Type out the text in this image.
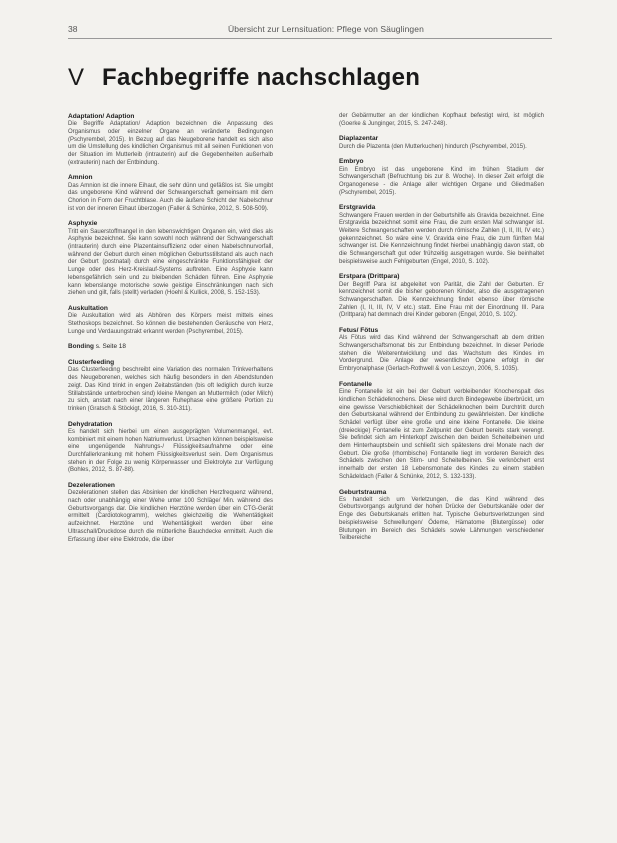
38	Übersicht zur Lernsituation: Pflege von Säuglingen
V Fachbegriffe nachschlagen
Adaptation/ Adaption

Die Begriffe Adaptation/ Adaption bezeichnen die Anpassung des Organismus oder einzelner Organe an veränderte Bedingungen (Pschyrembel, 2015). In Bezug auf das Neugeborene handelt es sich also um die Umstellung des kindlichen Organismus mit all seinen Funktionen von der Situation im Mutterleib (intrauterin) auf die Gegebenheiten außerhalb (extrauterin) nach der Entbindung.

Amnion

Das Amnion ist die innere Eihaut, die sehr dünn und gefäßlos ist. Sie umgibt das ungeborene Kind während der Schwangerschaft gemeinsam mit dem Chorion in Form der Fruchtblase. Auch die äußere Schicht der Nabelschnur ist von der inneren Eihaut überzogen (Faller & Schünke, 2012, S. 508-509).

Asphyxie

Tritt ein Sauerstoffmangel in den lebenswichtigen Organen ein, wird dies als Asphyxie bezeichnet. Sie kann sowohl noch während der Schwangerschaft (intrauterin) durch eine Plazentainsuffizienz oder einen Nabelschnurvorfall, während der Geburt durch einen möglichen Geburtsstillstand als auch nach der Geburt (postnatal) durch eine eingeschränkte Funktionsfähigkeit der Lunge oder des Herz-Kreislauf-Systems auftreten. Eine Asphyxie kann lebensgefährlich sein und zu bleibenden Schäden führen. Eine Asphyxie kann lebenslange motorische sowie geistige Einschränkungen nach sich ziehen und gilt, falls (stellt) verladen (Hoehl & Kullick, 2008, S. 152-153).

Auskultation

Die Auskultation wird als Abhören des Körpers meist mittels eines Stethoskops bezeichnet. So können die bestehenden Geräusche von Herz, Lunge und Verdauungstrakt erkannt werden (Pschyrembel, 2015).

Bonding s. Seite 18
Clusterfeeding

Das Clusterfeeding beschreibt eine Variation des normalen Trinkverhaltens des Neugeborenen, welches sich häufig besonders in den Abendstunden zeigt. Das Kind trinkt in engen Zeitabständen (bis oft lediglich durch kurze Stillabstände unterbrochen sind) kleine Mengen an Muttermilch (oder Milch) zu sich, anstatt nach einer längeren Ruhephase eine größere Portion zu trinken (Gratsch & Stöckigt, 2016, S. 310-311).

Dehydratation

Es handelt sich hierbei um einen ausgeprägten Volumenmangel, evt. kombiniert mit einem hohen Natriumverlust. Ursachen können beispielsweise eine ungenügende Nahrungs-/ Flüssigkeitsaufnahme oder eine Durchfallerkrankung mit hohem Flüssigkeitsverlust sein. Dem Organismus stehen in der Folge zu wenig Körperwasser und Elektrolyte zur Verfügung (Bohles, 2012, S. 87-88).

Dezelerationen

Dezelerationen stellen das Absinken der kindlichen Herzfrequenz während, nach oder unabhängig einer Wehe unter 100 Schläge/ Min. während des Geburtsvorgangs dar. Die kindlichen Herztöne werden über ein CTG-Gerät ermittelt (Cardiotokogramm), welches gleichzeitig die Wehentätigkeit aufzeichnet. Herztöne und Wehentätigkeit werden über eine Ultraschall/Druckdose durch die mütterliche Bauchdecke ermittelt. Auch die Erfassung über eine Elektrode, die über

der Gebärmutter an der kindlichen Kopfhaut befestigt wird, ist möglich (Goerke & Junginger, 2015, S. 247-248).

Diaplazentar

Durch die Plazenta (den Mutterkuchen) hindurch (Pschyrembel, 2015).

Embryo

Ein Embryo ist das ungeborene Kind im frühen Stadium der Schwangerschaft (Befruchtung bis zur 8. Woche). In dieser Zeit erfolgt die Organogenese - die Anlage aller wichtigen Organe und Gliedmaßen (Pschyrembel, 2015).

Erstgravida

Schwangere Frauen werden in der Geburtshilfe als Gravida bezeichnet. Eine Erstgravida bezeichnet somit eine Frau, die zum ersten Mal schwanger ist. Weitere Schwangerschaften werden durch römische Zahlen (I, II, III, IV etc.) gekennzeichnet. So wäre eine V. Gravida eine Frau, die zum fünften Mal schwanger ist. Die Kennzeichnung findet hierbei unabhängig davon statt, ob die Schwangerschaft gut oder frühzeitig ausgetragen wurde. Sie beinhaltet beispielsweise auch Fehlgeburten (Engel, 2010, S. 102).

Erstpara (Drittpara)

Der Begriff Para ist abgeleitet von Parität, die Zahl der Geburten. Er kennzeichnet somit die bisher geborenen Kinder, also die ausgetragenen Schwangerschaften. Die Kennzeichnung findet ebenso über römische Zahlen (I, II, III, IV, V etc.) statt. Eine Frau mit der Einordnung III. Para (Drittpara) hat demnach drei Kinder geboren (Engel, 2010, S. 102).

Fetus/ Fötus

Als Fötus wird das Kind während der Schwangerschaft ab dem dritten Schwangerschaftsmonat bis zur Entbindung bezeichnet. In dieser Periode stehen die Weiterentwicklung und das Wachstum des Kindes im Vordergrund. Die Anlage der wesentlichen Organe erfolgt in der Embryonalphase (Gerlach-Rothwell & von Leszcyn, 2006, S. 1035).

Fontanelle

Eine Fontanelle ist ein bei der Geburt verbleibender Knochenspalt des kindlichen Schädelknochens. Diese wird durch Bindegewebe überbrückt, um eine gewisse Verschieblichkeit der Schädelknochen beim Durchtritt durch den Geburtskanal während der Entbindung zu gewährleisten. Der kindliche Schädel verfügt über eine große und eine kleine Fontanelle. Die kleine (dreieckige) Fontanelle ist zum Zeitpunkt der Geburt bereits stark verengt. Sie befindet sich am Hinterkopf zwischen den beiden Scheitelbeinen und dem Hinterhauptsbein und schließt sich spätestens drei Monate nach der Geburt. Die große (rhombische) Fontanelle liegt im vorderen Bereich des Schädels zwischen den Stirn- und Scheitelbeinen. Sie verknöchert erst innerhalb der ersten 18 Lebensmonate des Kindes zu einem stabilen Schädeldach (Faller & Schünke, 2012, S. 132-133).

Geburtstrauma

Es handelt sich um Verletzungen, die das Kind während des Geburtsvorgangs aufgrund der hohen Drücke der Geburtskanäle oder der Enge des Geburtskanals erlitten hat. Typische Geburtsverletzungen sind beispielsweise Schwellungen/ Ödeme, Hämatome (Blutergüsse) oder Blutungen im Bereich des Schädels sowie Lähmungen verschiedener Teilbereiche
